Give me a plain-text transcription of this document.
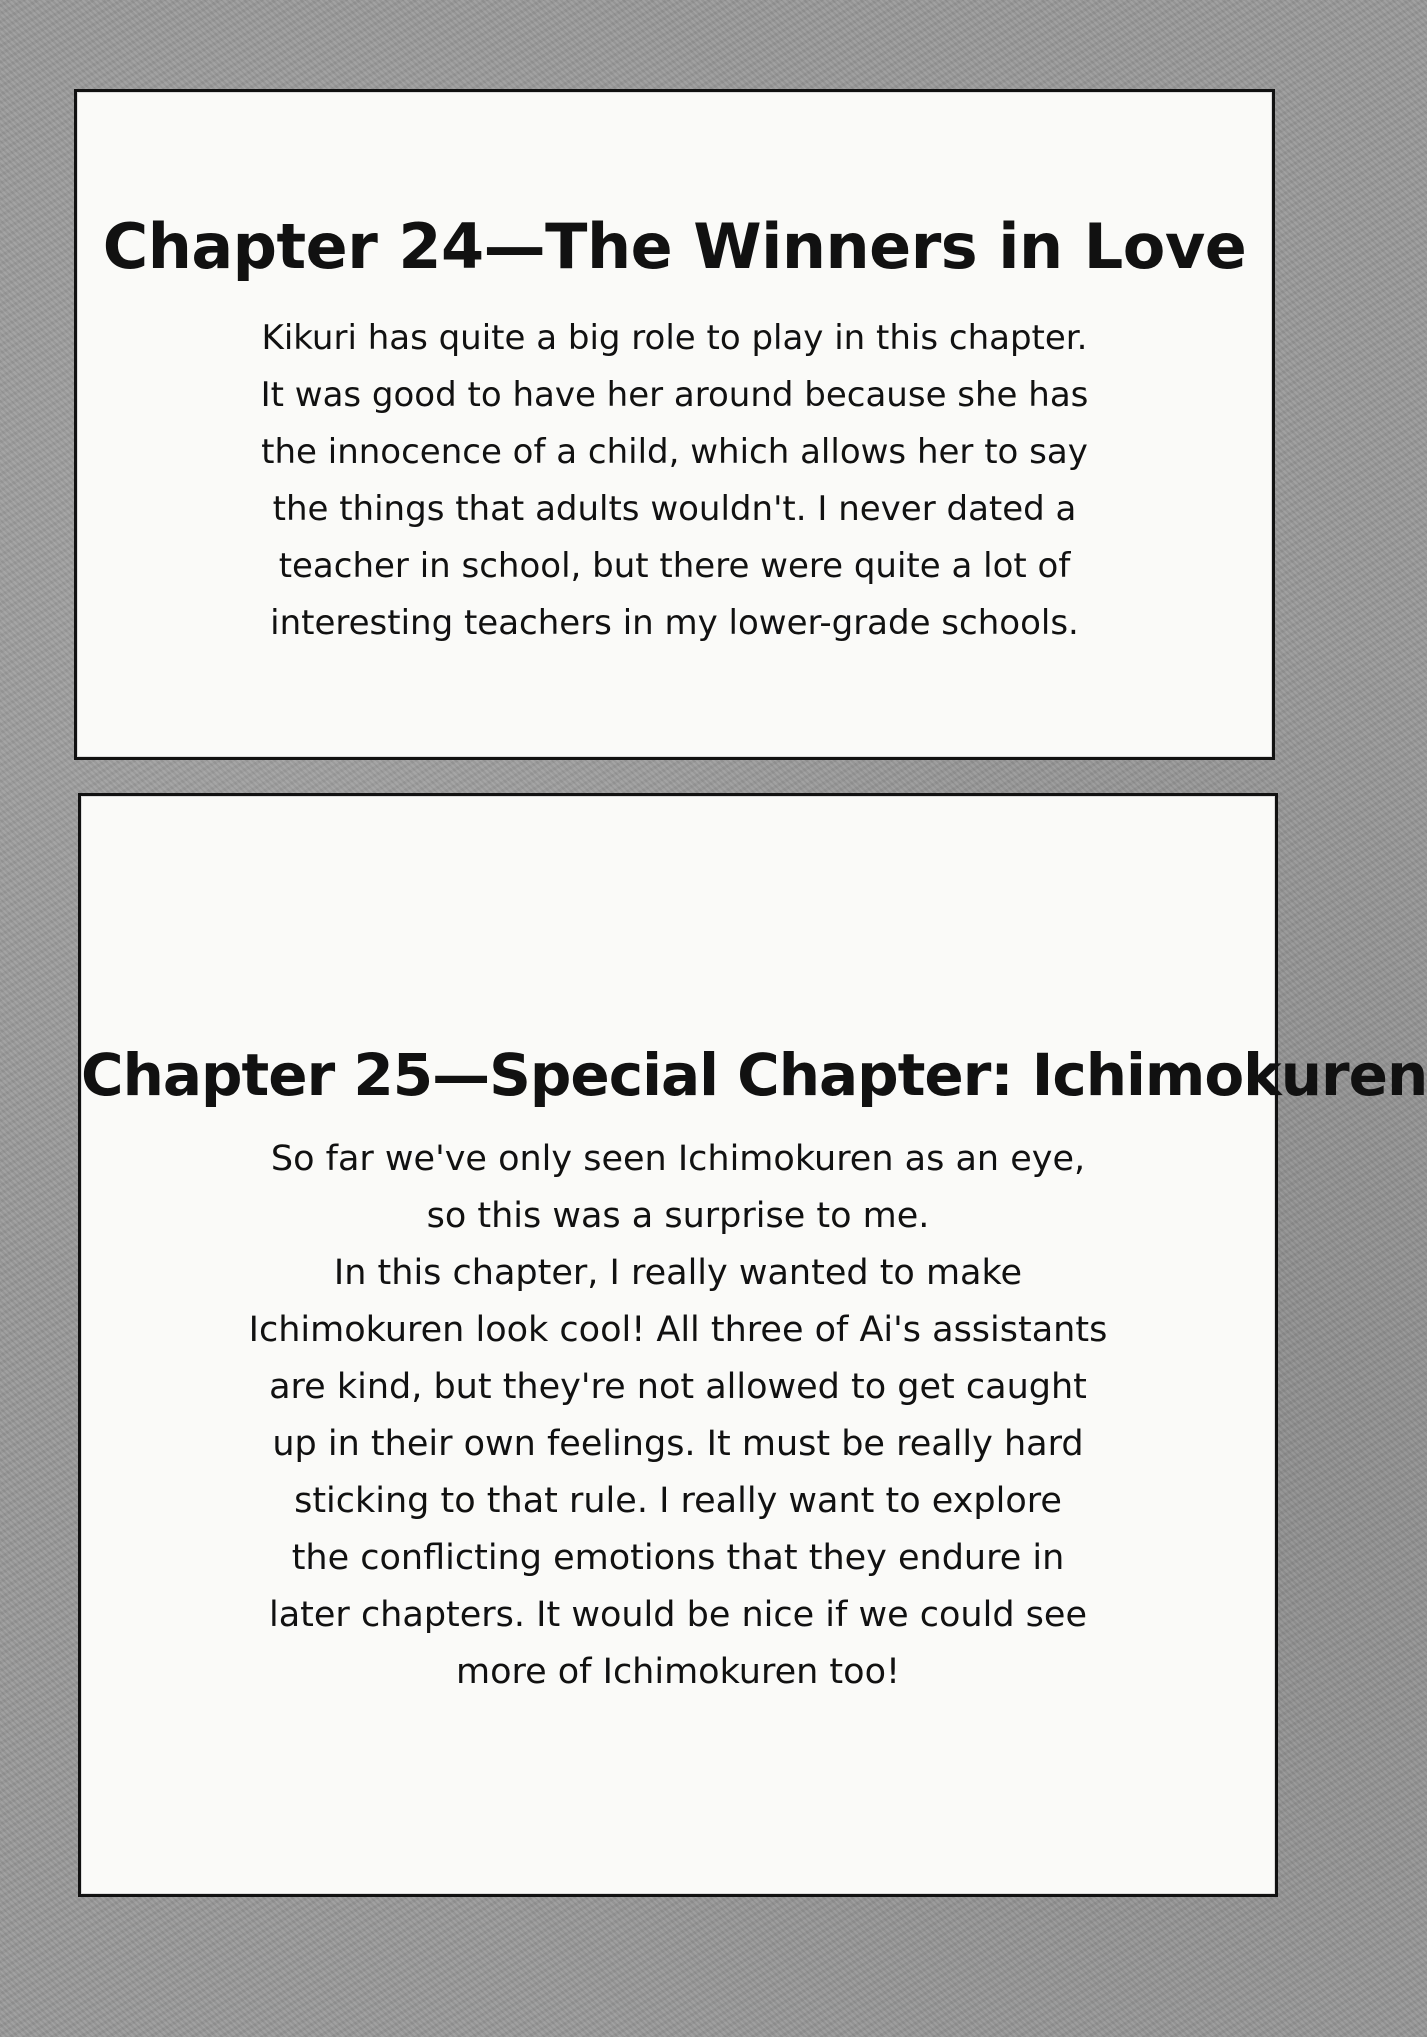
Chapter 24—The Winners in Love
Kikuri has quite a big role to play in this chapter.
It was good to have her around because she has
the innocence of a child, which allows her to say
the things that adults wouldn't. I never dated a
teacher in school, but there were quite a lot of
interesting teachers in my lower-grade schools.
Chapter 25—Special Chapter: Ichimokuren
So far we've only seen Ichimokuren as an eye,
so this was a surprise to me.
In this chapter, I really wanted to make
Ichimokuren look cool! All three of Ai's assistants
are kind, but they're not allowed to get caught
up in their own feelings. It must be really hard
sticking to that rule. I really want to explore
the conflicting emotions that they endure in
later chapters. It would be nice if we could see
more of Ichimokuren too!
